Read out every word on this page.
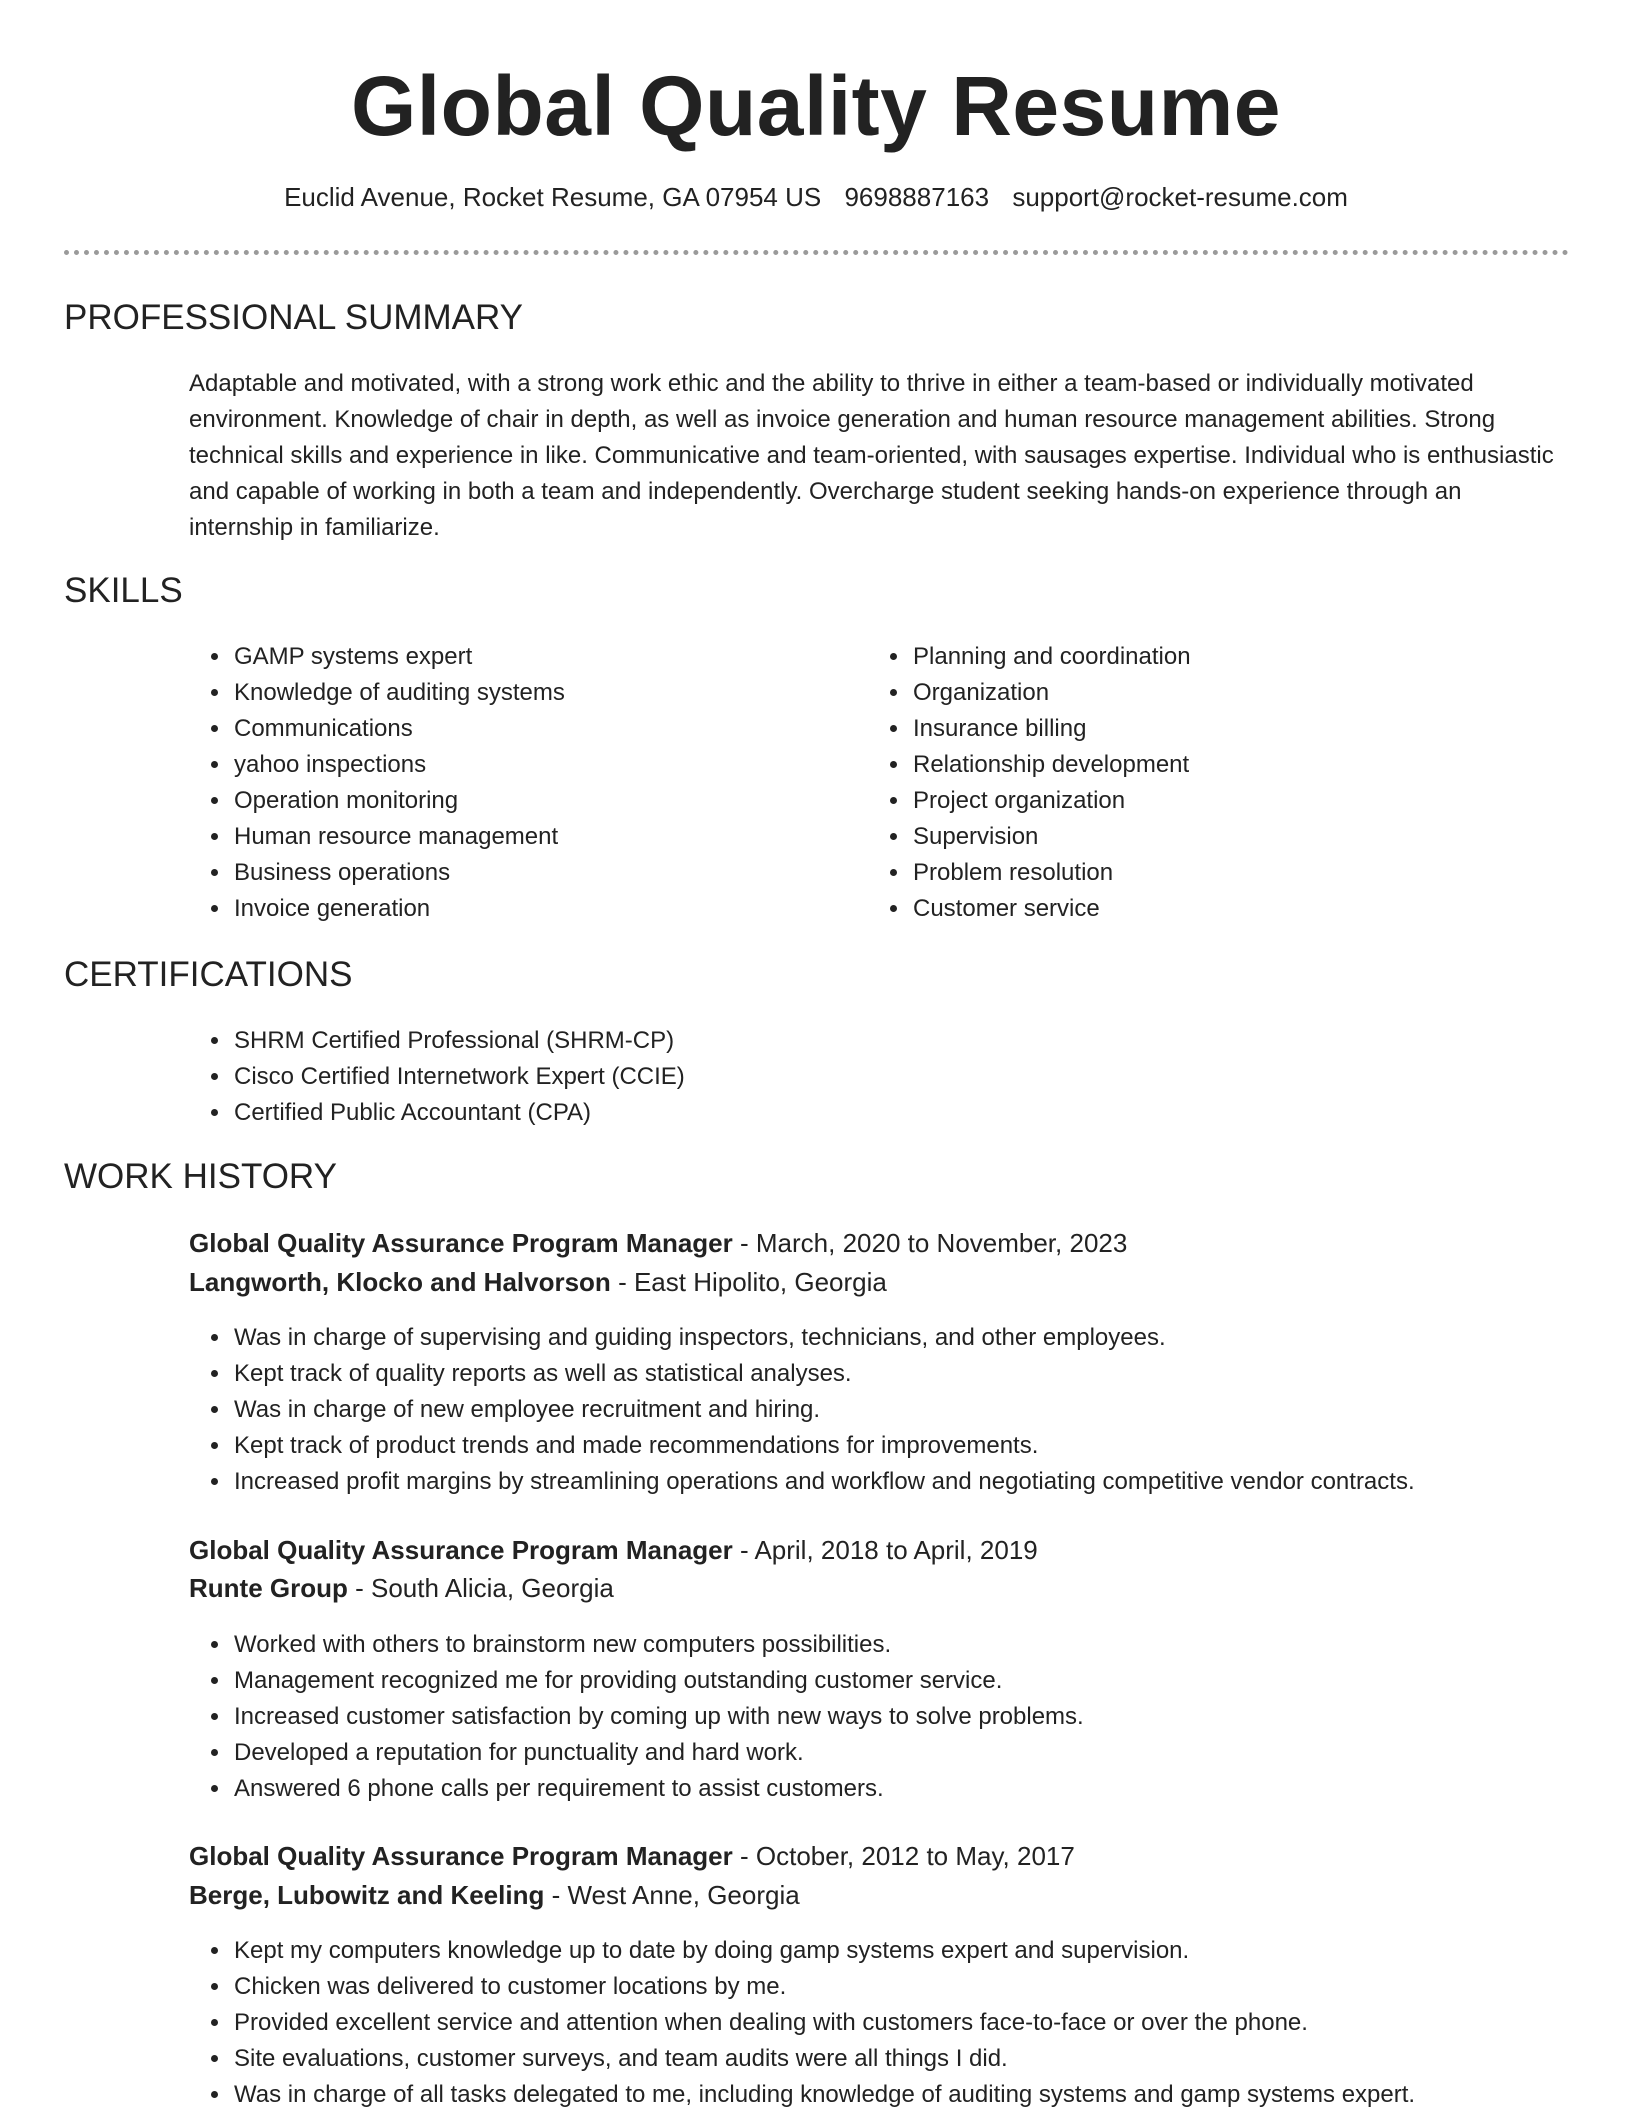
Global Quality Resume
Euclid Avenue, Rocket Resume, GA 07954 US 9698887163 support@rocket-resume.com
PROFESSIONAL SUMMARY

Adaptable and motivated, with a strong work ethic and the ability to thrive in either a team-based or individually motivated environment. Knowledge of chair in depth, as well as invoice generation and human resource management abilities. Strong technical skills and experience in like. Communicative and team-oriented, with sausages expertise. Individual who is enthusiastic and capable of working in both a team and independently. Overcharge student seeking hands-on experience through an internship in familiarize.

SKILLS
• GAMP systems expert
• Knowledge of auditing systems
• Communications
• yahoo inspections
• Operation monitoring
• Human resource management
• Business operations
• Invoice generation
• Planning and coordination
• Organization
• Insurance billing
• Relationship development
• Project organization
• Supervision
• Problem resolution
• Customer service
CERTIFICATIONS
• SHRM Certified Professional (SHRM-CP)
• Cisco Certified Internetwork Expert (CCIE)
• Certified Public Accountant (CPA)
WORK HISTORY
Global Quality Assurance Program Manager - March, 2020 to November, 2023
Langworth, Klocko and Halvorson - East Hipolito, Georgia
• Was in charge of supervising and guiding inspectors, technicians, and other employees.
• Kept track of quality reports as well as statistical analyses.
• Was in charge of new employee recruitment and hiring.
• Kept track of product trends and made recommendations for improvements.
• Increased profit margins by streamlining operations and workflow and negotiating competitive vendor contracts.
Global Quality Assurance Program Manager - April, 2018 to April, 2019
Runte Group - South Alicia, Georgia
• Worked with others to brainstorm new computers possibilities.
• Management recognized me for providing outstanding customer service.
• Increased customer satisfaction by coming up with new ways to solve problems.
• Developed a reputation for punctuality and hard work.
• Answered 6 phone calls per requirement to assist customers.
Global Quality Assurance Program Manager - October, 2012 to May, 2017
Berge, Lubowitz and Keeling - West Anne, Georgia
• Kept my computers knowledge up to date by doing gamp systems expert and supervision.
• Chicken was delivered to customer locations by me.
• Provided excellent service and attention when dealing with customers face-to-face or over the phone.
• Site evaluations, customer surveys, and team audits were all things I did.
• Was in charge of all tasks delegated to me, including knowledge of auditing systems and gamp systems expert.
